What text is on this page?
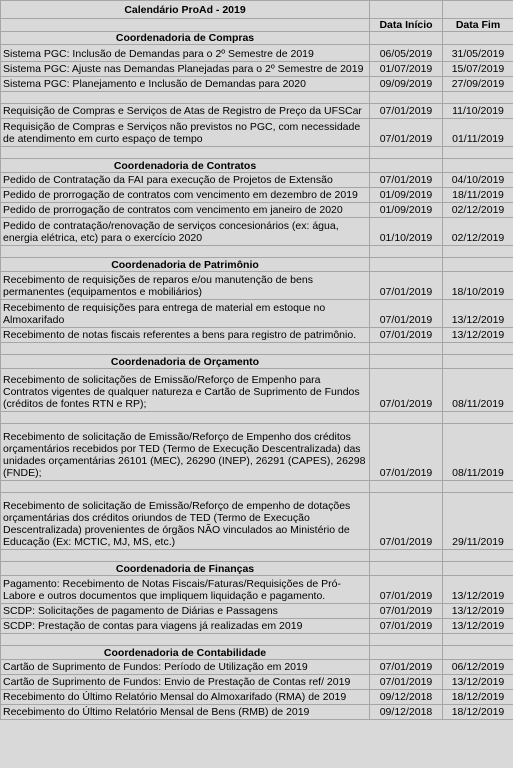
Calendário ProAd - 2019		
	Data Início	Data Fim
Coordenadoria de Compras		
Sistema PGC: Inclusão de Demandas para o 2º Semestre de 2019	06/05/2019	31/05/2019
Sistema PGC: Ajuste nas Demandas Planejadas para o 2º Semestre de 2019	01/07/2019	15/07/2019
Sistema PGC: Planejamento e Inclusão de Demandas para 2020	09/09/2019	27/09/2019

Requisição de Compras e Serviços de Atas de Registro de Preço da UFSCar	07/01/2019	11/10/2019
Requisição de Compras e Serviços não previstos no PGC, com necessidade de atendimento em curto espaço de tempo	07/01/2019	01/11/2019

Coordenadoria de Contratos		
Pedido de Contratação da FAI para execução de Projetos de Extensão	07/01/2019	04/10/2019
Pedido de prorrogação de contratos com vencimento em dezembro de 2019	01/09/2019	18/11/2019
Pedido de prorrogação de contratos com vencimento em janeiro de 2020	01/09/2019	02/12/2019
Pedido de contratação/renovação de serviços concesionários (ex: água, energia elétrica, etc) para o exercício 2020	01/10/2019	02/12/2019

Coordenadoria de Patrimônio		
Recebimento de requisições de reparos e/ou manutenção de bens permanentes (equipamentos e mobiliários)	07/01/2019	18/10/2019
Recebimento de requisições para entrega de material em estoque no Almoxarifado	07/01/2019	13/12/2019
Recebimento de notas fiscais referentes a bens para registro de patrimônio.	07/01/2019	13/12/2019

Coordenadoria de Orçamento		
Recebimento de solicitações de Emissão/Reforço de Empenho para Contratos vigentes de qualquer natureza e Cartão de Suprimento de Fundos (créditos de fontes RTN e RP);	07/01/2019	08/11/2019

Recebimento de solicitação de Emissão/Reforço de Empenho dos créditos orçamentários recebidos por TED (Termo de Execução Descentralizada) das unidades orçamentárias 26101 (MEC), 26290 (INEP), 26291 (CAPES), 26298 (FNDE);	07/01/2019	08/11/2019

Recebimento de solicitação de Emissão/Reforço de empenho de dotações orçamentárias dos créditos oriundos de TED (Termo de Execução Descentralizada) provenientes de órgãos NÃO vinculados ao Ministério de Educação (Ex: MCTIC, MJ, MS, etc.)	07/01/2019	29/11/2019

Coordenadoria de Finanças		
Pagamento: Recebimento de Notas Fiscais/Faturas/Requisições de Pró-Labore e outros documentos que impliquem liquidação e pagamento.	07/01/2019	13/12/2019
SCDP: Solicitações de pagamento de Diárias e Passagens	07/01/2019	13/12/2019
SCDP: Prestação de contas para viagens já realizadas em 2019	07/01/2019	13/12/2019

Coordenadoria de Contabilidade		
Cartão de Suprimento de Fundos: Período de Utilização em 2019	07/01/2019	06/12/2019
Cartão de Suprimento de Fundos: Envio de Prestação de Contas ref/ 2019	07/01/2019	13/12/2019
Recebimento do Último Relatório Mensal do Almoxarifado (RMA) de 2019	09/12/2018	18/12/2019
Recebimento do Último Relatório Mensal de Bens (RMB) de 2019	09/12/2018	18/12/2019
